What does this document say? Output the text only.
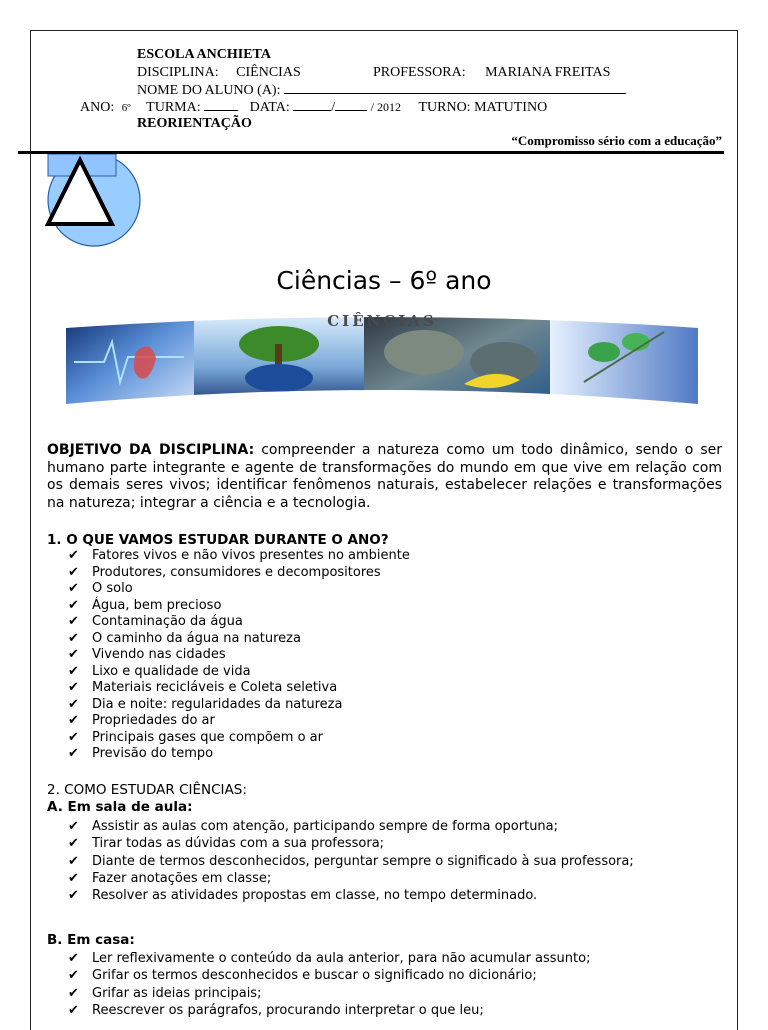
ESCOLA ANCHIETA
DISCIPLINA: CIÊNCIAS	PROFESSORA: MARIANA FREITAS
NOME DO ALUNO (A):
ANO: 6º TURMA:	DATA:	/	/ 2012 TURNO: MATUTINO
REORIENTAÇÃO
“Compromisso sério com a educação”
Ciências – 6º ano
CIÊNCIAS
OBJETIVO DA DISCIPLINA: compreender a natureza como um todo dinâmico, sendo o ser humano parte integrante e agente de transformações do mundo em que vive em relação com os demais seres vivos; identificar fenômenos naturais, estabelecer relações e transformações na natureza; integrar a ciência e a tecnologia.
1. O QUE VAMOS ESTUDAR DURANTE O ANO?
✔ Fatores vivos e não vivos presentes no ambiente
✔ Produtores, consumidores e decompositores
✔ O solo
✔ Água, bem precioso
✔ Contaminação da água
✔ O caminho da água na natureza
✔ Vivendo nas cidades
✔ Lixo e qualidade de vida
✔ Materiais recicláveis e Coleta seletiva
✔ Dia e noite: regularidades da natureza
✔ Propriedades do ar
✔ Principais gases que compõem o ar
✔ Previsão do tempo
2. COMO ESTUDAR CIÊNCIAS:
A. Em sala de aula:
✔ Assistir as aulas com atenção, participando sempre de forma oportuna;
✔ Tirar todas as dúvidas com a sua professora;
✔ Diante de termos desconhecidos, perguntar sempre o significado à sua professora;
✔ Fazer anotações em classe;
✔ Resolver as atividades propostas em classe, no tempo determinado.
B. Em casa:
✔ Ler reflexivamente o conteúdo da aula anterior, para não acumular assunto;
✔ Grifar os termos desconhecidos e buscar o significado no dicionário;
✔ Grifar as ideias principais;
✔ Reescrever os parágrafos, procurando interpretar o que leu;
